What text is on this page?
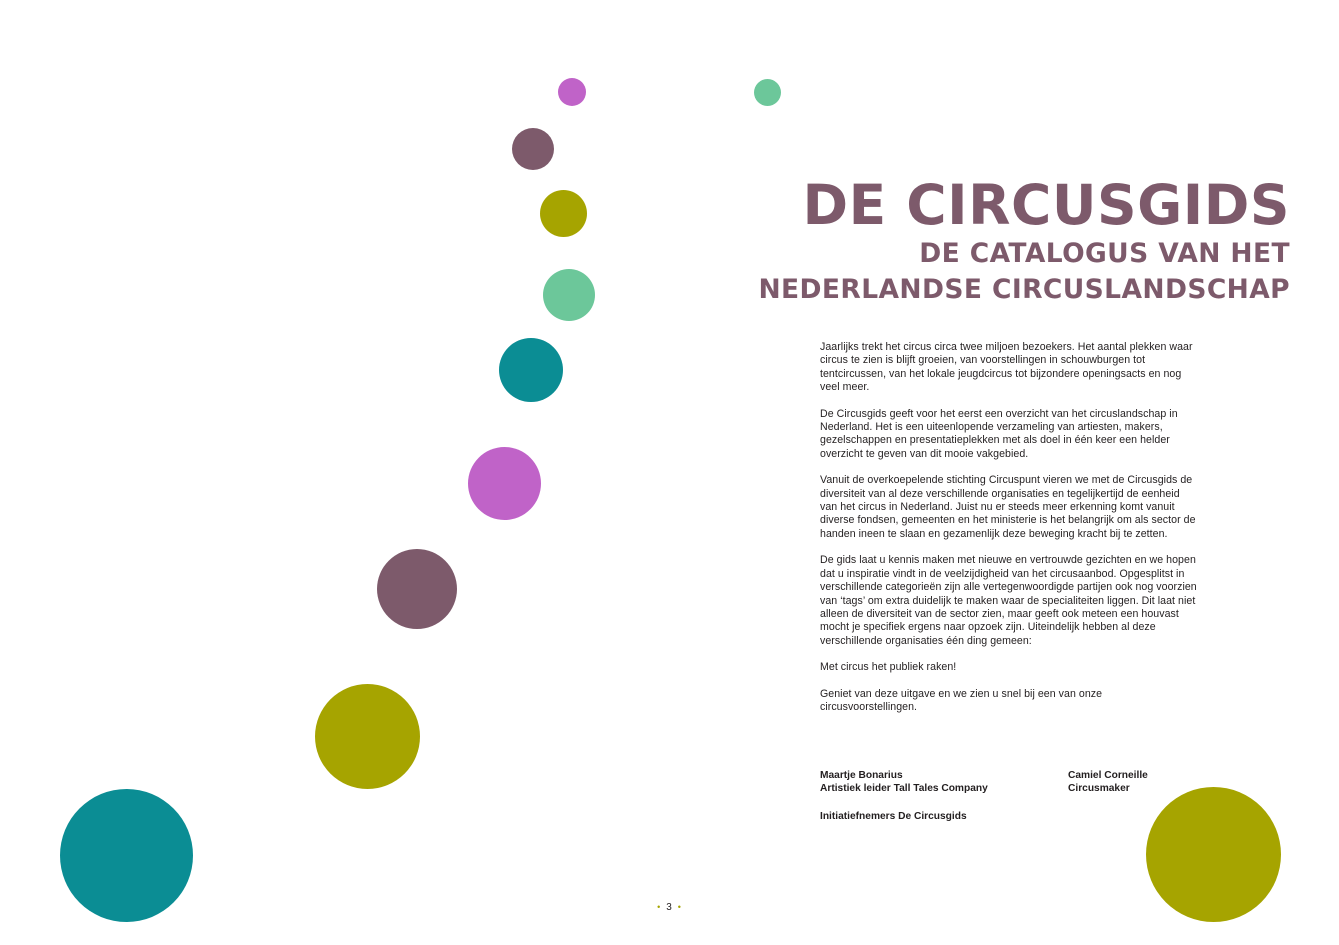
DE CIRCUSGIDS
DE CATALOGUS VAN HET
NEDERLANDSE CIRCUSLANDSCHAP

Jaarlijks trekt het circus circa twee miljoen bezoekers. Het aantal plekken waar circus te zien is blijft groeien, van voorstellingen in schouwburgen tot tentcircussen, van het lokale jeugdcircus tot bijzondere openingsacts en nog veel meer.

De Circusgids geeft voor het eerst een overzicht van het circuslandschap in Nederland. Het is een uiteenlopende verzameling van artiesten, makers, gezelschappen en presentatieplekken met als doel in één keer een helder overzicht te geven van dit mooie vakgebied.

Vanuit de overkoepelende stichting Circuspunt vieren we met de Circusgids de diversiteit van al deze verschillende organisaties en tegelijkertijd de eenheid van het circus in Nederland. Juist nu er steeds meer erkenning komt vanuit diverse fondsen, gemeenten en het ministerie is het belangrijk om als sector de handen ineen te slaan en gezamenlijk deze beweging kracht bij te zetten.

De gids laat u kennis maken met nieuwe en vertrouwde gezichten en we hopen dat u inspiratie vindt in de veelzijdigheid van het circusaanbod. Opgesplitst in verschillende categorieën zijn alle vertegenwoordigde partijen ook nog voorzien van ‘tags’ om extra duidelijk te maken waar de specialiteiten liggen. Dit laat niet alleen de diversiteit van de sector zien, maar geeft ook meteen een houvast mocht je specifiek ergens naar opzoek zijn. Uiteindelijk hebben al deze verschillende organisaties één ding gemeen:

Met circus het publiek raken!

Geniet van deze uitgave en we zien u snel bij een van onze circusvoorstellingen.

Maartje Bonarius
Artistiek leider Tall Tales Company
Camiel Corneille
Circusmaker
Initiatiefnemers De Circusgids
• 3 •
